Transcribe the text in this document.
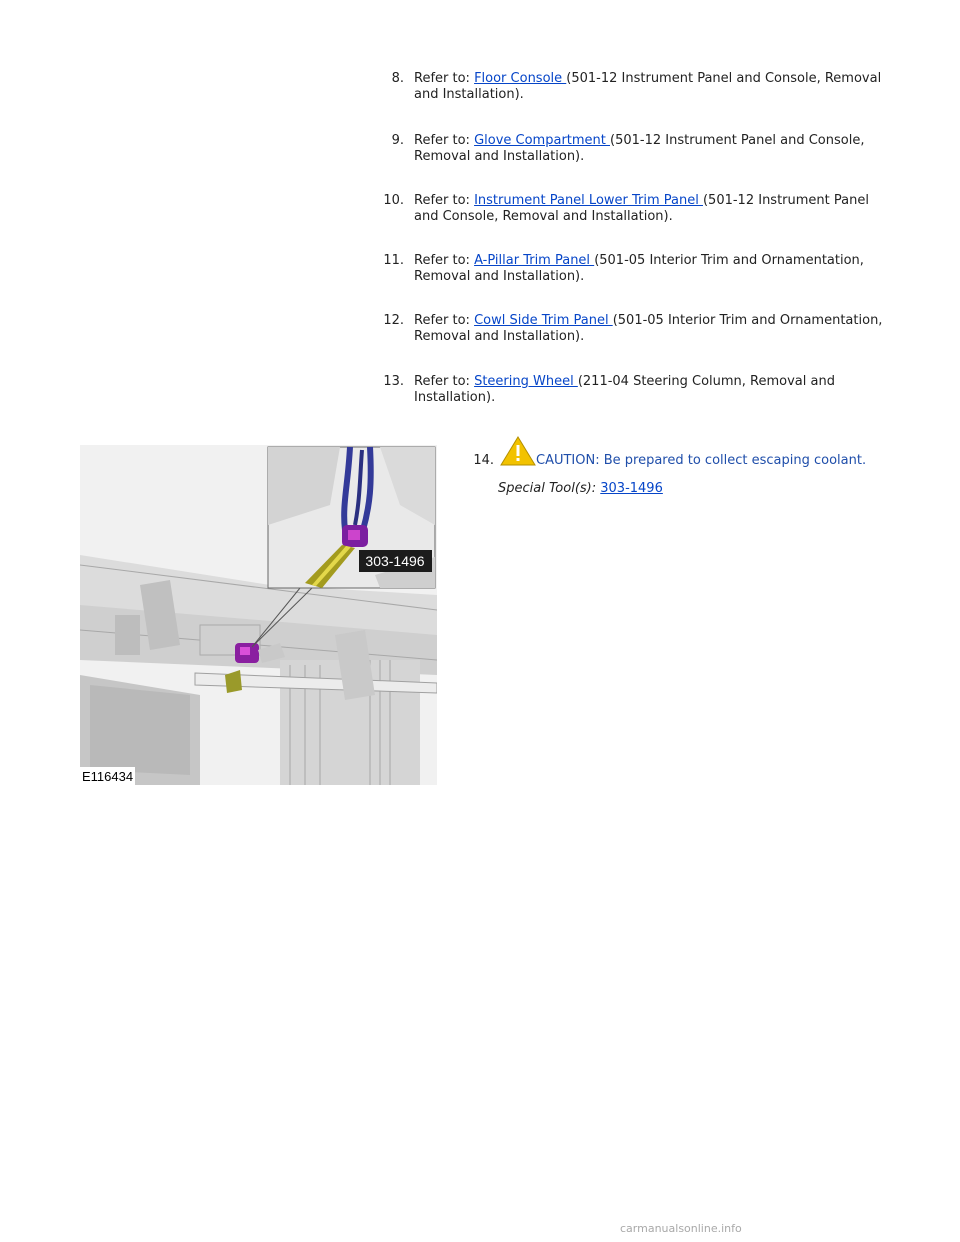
8. Refer to: Floor Console (501-12 Instrument Panel and Console, Removal
and Installation).
9. Refer to: Glove Compartment (501-12 Instrument Panel and Console,
Removal and Installation).
10. Refer to: Instrument Panel Lower Trim Panel (501-12 Instrument Panel
and Console, Removal and Installation).
11. Refer to: A-Pillar Trim Panel (501-05 Interior Trim and Ornamentation,
Removal and Installation).
12. Refer to: Cowl Side Trim Panel (501-05 Interior Trim and Ornamentation,
Removal and Installation).
13. Refer to: Steering Wheel (211-04 Steering Column, Removal and
Installation).
303-1496
E116434
14.	CAUTION: Be prepared to collect escaping coolant.
Special Tool(s): 303-1496
carmanualsonline.info
